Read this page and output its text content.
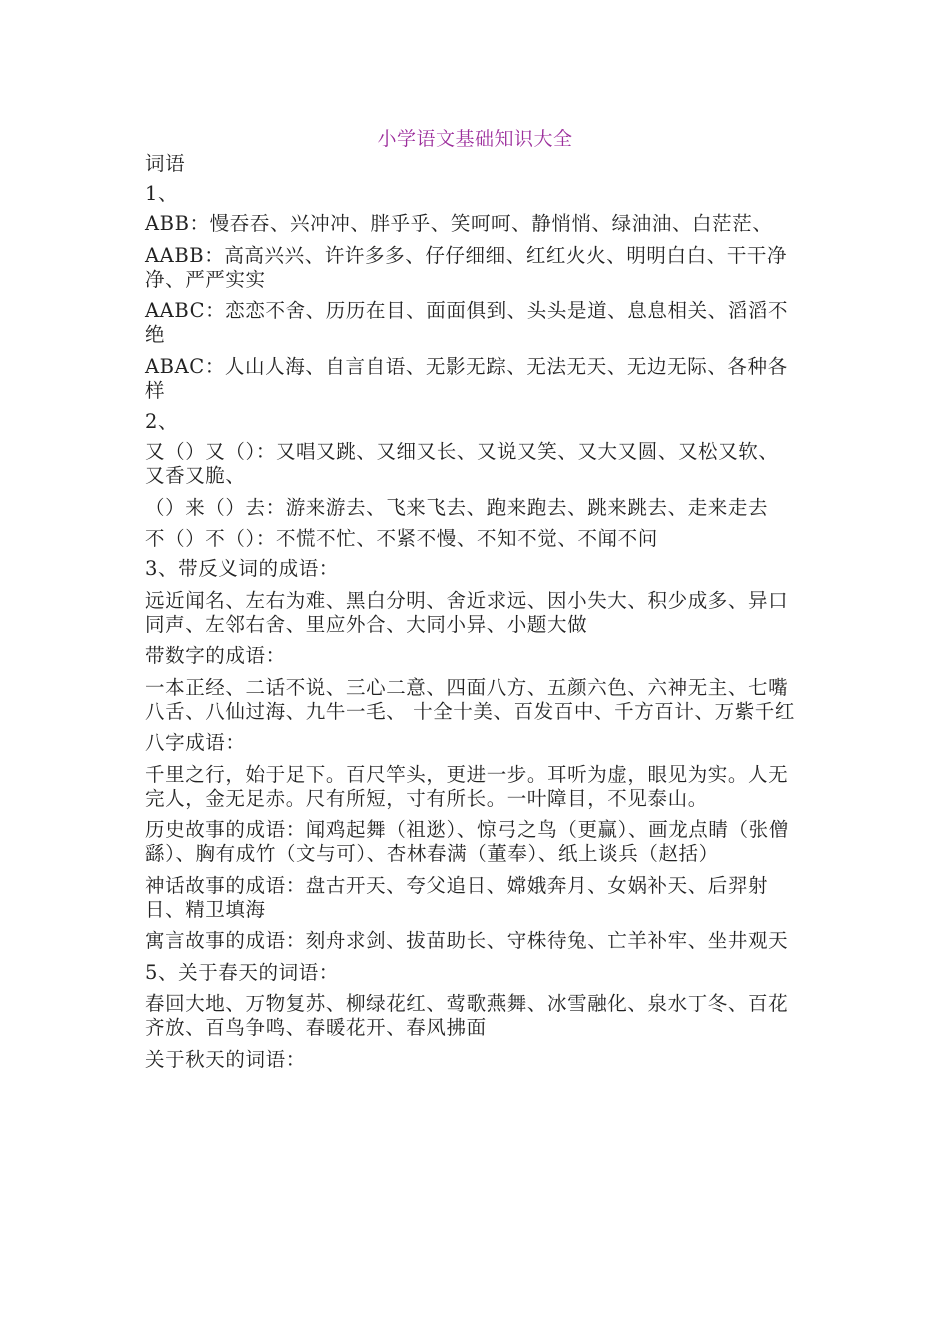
小学语文基础知识大全
词语
1、
ABB：慢吞吞、兴冲冲、胖乎乎、笑呵呵、静悄悄、绿油油、白茫茫、
AABB：高高兴兴、许许多多、仔仔细细、红红火火、明明白白、干干净净、严严实实
AABC：恋恋不舍、历历在目、面面俱到、头头是道、息息相关、滔滔不绝
ABAC：人山人海、自言自语、无影无踪、无法无天、无边无际、各种各样
2、
又（）又（）：又唱又跳、又细又长、又说又笑、又大又圆、又松又软、又香又脆、
（）来（）去：游来游去、飞来飞去、跑来跑去、跳来跳去、走来走去
不（）不（）：不慌不忙、不紧不慢、不知不觉、不闻不问
3、带反义词的成语：
远近闻名、左右为难、黑白分明、舍近求远、因小失大、积少成多、异口同声、左邻右舍、里应外合、大同小异、小题大做
带数字的成语：
一本正经、二话不说、三心二意、四面八方、五颜六色、六神无主、七嘴八舌、八仙过海、九牛一毛、 十全十美、百发百中、千方百计、万紫千红
八字成语：
千里之行，始于足下。百尺竿头，更进一步。耳听为虚，眼见为实。人无完人，金无足赤。尺有所短，寸有所长。一叶障目，不见泰山。
历史故事的成语：闻鸡起舞（祖逖）、惊弓之鸟（更赢）、画龙点睛（张僧繇）、胸有成竹（文与可）、杏林春满（董奉）、纸上谈兵（赵括）
神话故事的成语：盘古开天、夸父追日、嫦娥奔月、女娲补天、后羿射日、精卫填海
寓言故事的成语：刻舟求剑、拔苗助长、守株待兔、亡羊补牢、坐井观天
5、关于春天的词语：
春回大地、万物复苏、柳绿花红、莺歌燕舞、冰雪融化、泉水丁冬、百花齐放、百鸟争鸣、春暖花开、春风拂面
关于秋天的词语：
